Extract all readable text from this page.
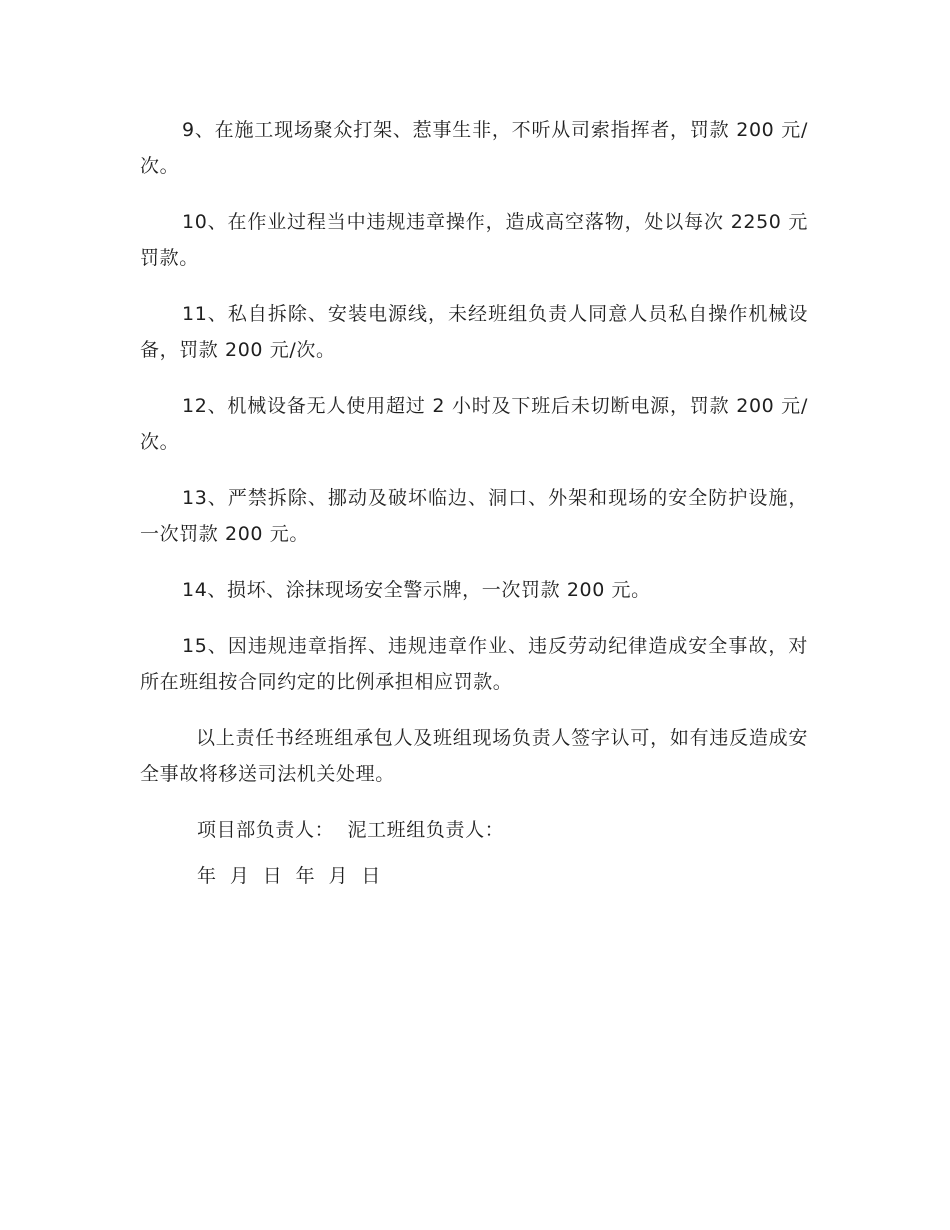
9、在施工现场聚众打架、惹事生非，不听从司索指挥者，罚款 200 元/次。

10、在作业过程当中违规违章操作，造成高空落物，处以每次 2250 元罚款。

11、私自拆除、安装电源线，未经班组负责人同意人员私自操作机械设备，罚款 200 元/次。

12、机械设备无人使用超过 2 小时及下班后未切断电源，罚款 200 元/次。

13、严禁拆除、挪动及破坏临边、洞口、外架和现场的安全防护设施，一次罚款 200 元。

14、损坏、涂抹现场安全警示牌，一次罚款 200 元。

15、因违规违章指挥、违规违章作业、违反劳动纪律造成安全事故，对所在班组按合同约定的比例承担相应罚款。

以上责任书经班组承包人及班组现场负责人签字认可，如有违反造成安全事故将移送司法机关处理。

项目部负责人：  泥工班组负责人：
年  月  日  年  月  日
